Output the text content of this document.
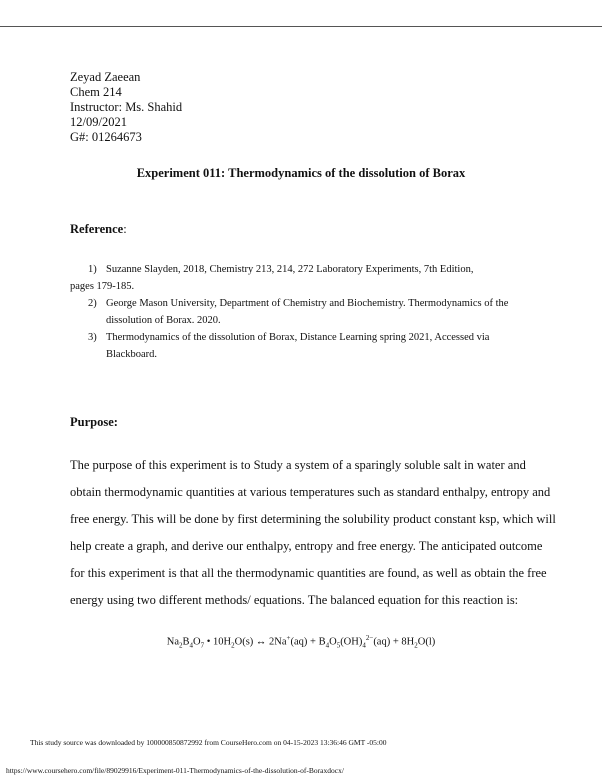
Zeyad Zaeean
Chem 214
Instructor: Ms. Shahid
12/09/2021
G#: 01264673
Experiment 011: Thermodynamics of the dissolution of Borax
Reference:
1) Suzanne Slayden, 2018, Chemistry 213, 214, 272 Laboratory Experiments, 7th Edition,
pages 179-185.
2) George Mason University, Department of Chemistry and Biochemistry. Thermodynamics of the
dissolution of Borax. 2020.
3) Thermodynamics of the dissolution of Borax, Distance Learning spring 2021, Accessed via
Blackboard.
Purpose:
The purpose of this experiment is to Study a system of a sparingly soluble salt in water and
obtain thermodynamic quantities at various temperatures such as standard enthalpy, entropy and
free energy. This will be done by first determining the solubility product constant ksp, which will
help create a graph, and derive our enthalpy, entropy and free energy. The anticipated outcome
for this experiment is that all the thermodynamic quantities are found, as well as obtain the free
energy using two different methods/ equations. The balanced equation for this reaction is:
$Na_2B_4O_7$ • $10H_2O(s)$ ↔ $2Na^+(aq) + B_4O_5(OH)_4^{2-}(aq) + 8H_2O(l)$
This study source was downloaded by 100000850872992 from CourseHero.com on 04-15-2023 13:36:46 GMT -05:00
https://www.coursehero.com/file/89029916/Experiment-011-Thermodynamics-of-the-dissolution-of-Boraxdocx/
